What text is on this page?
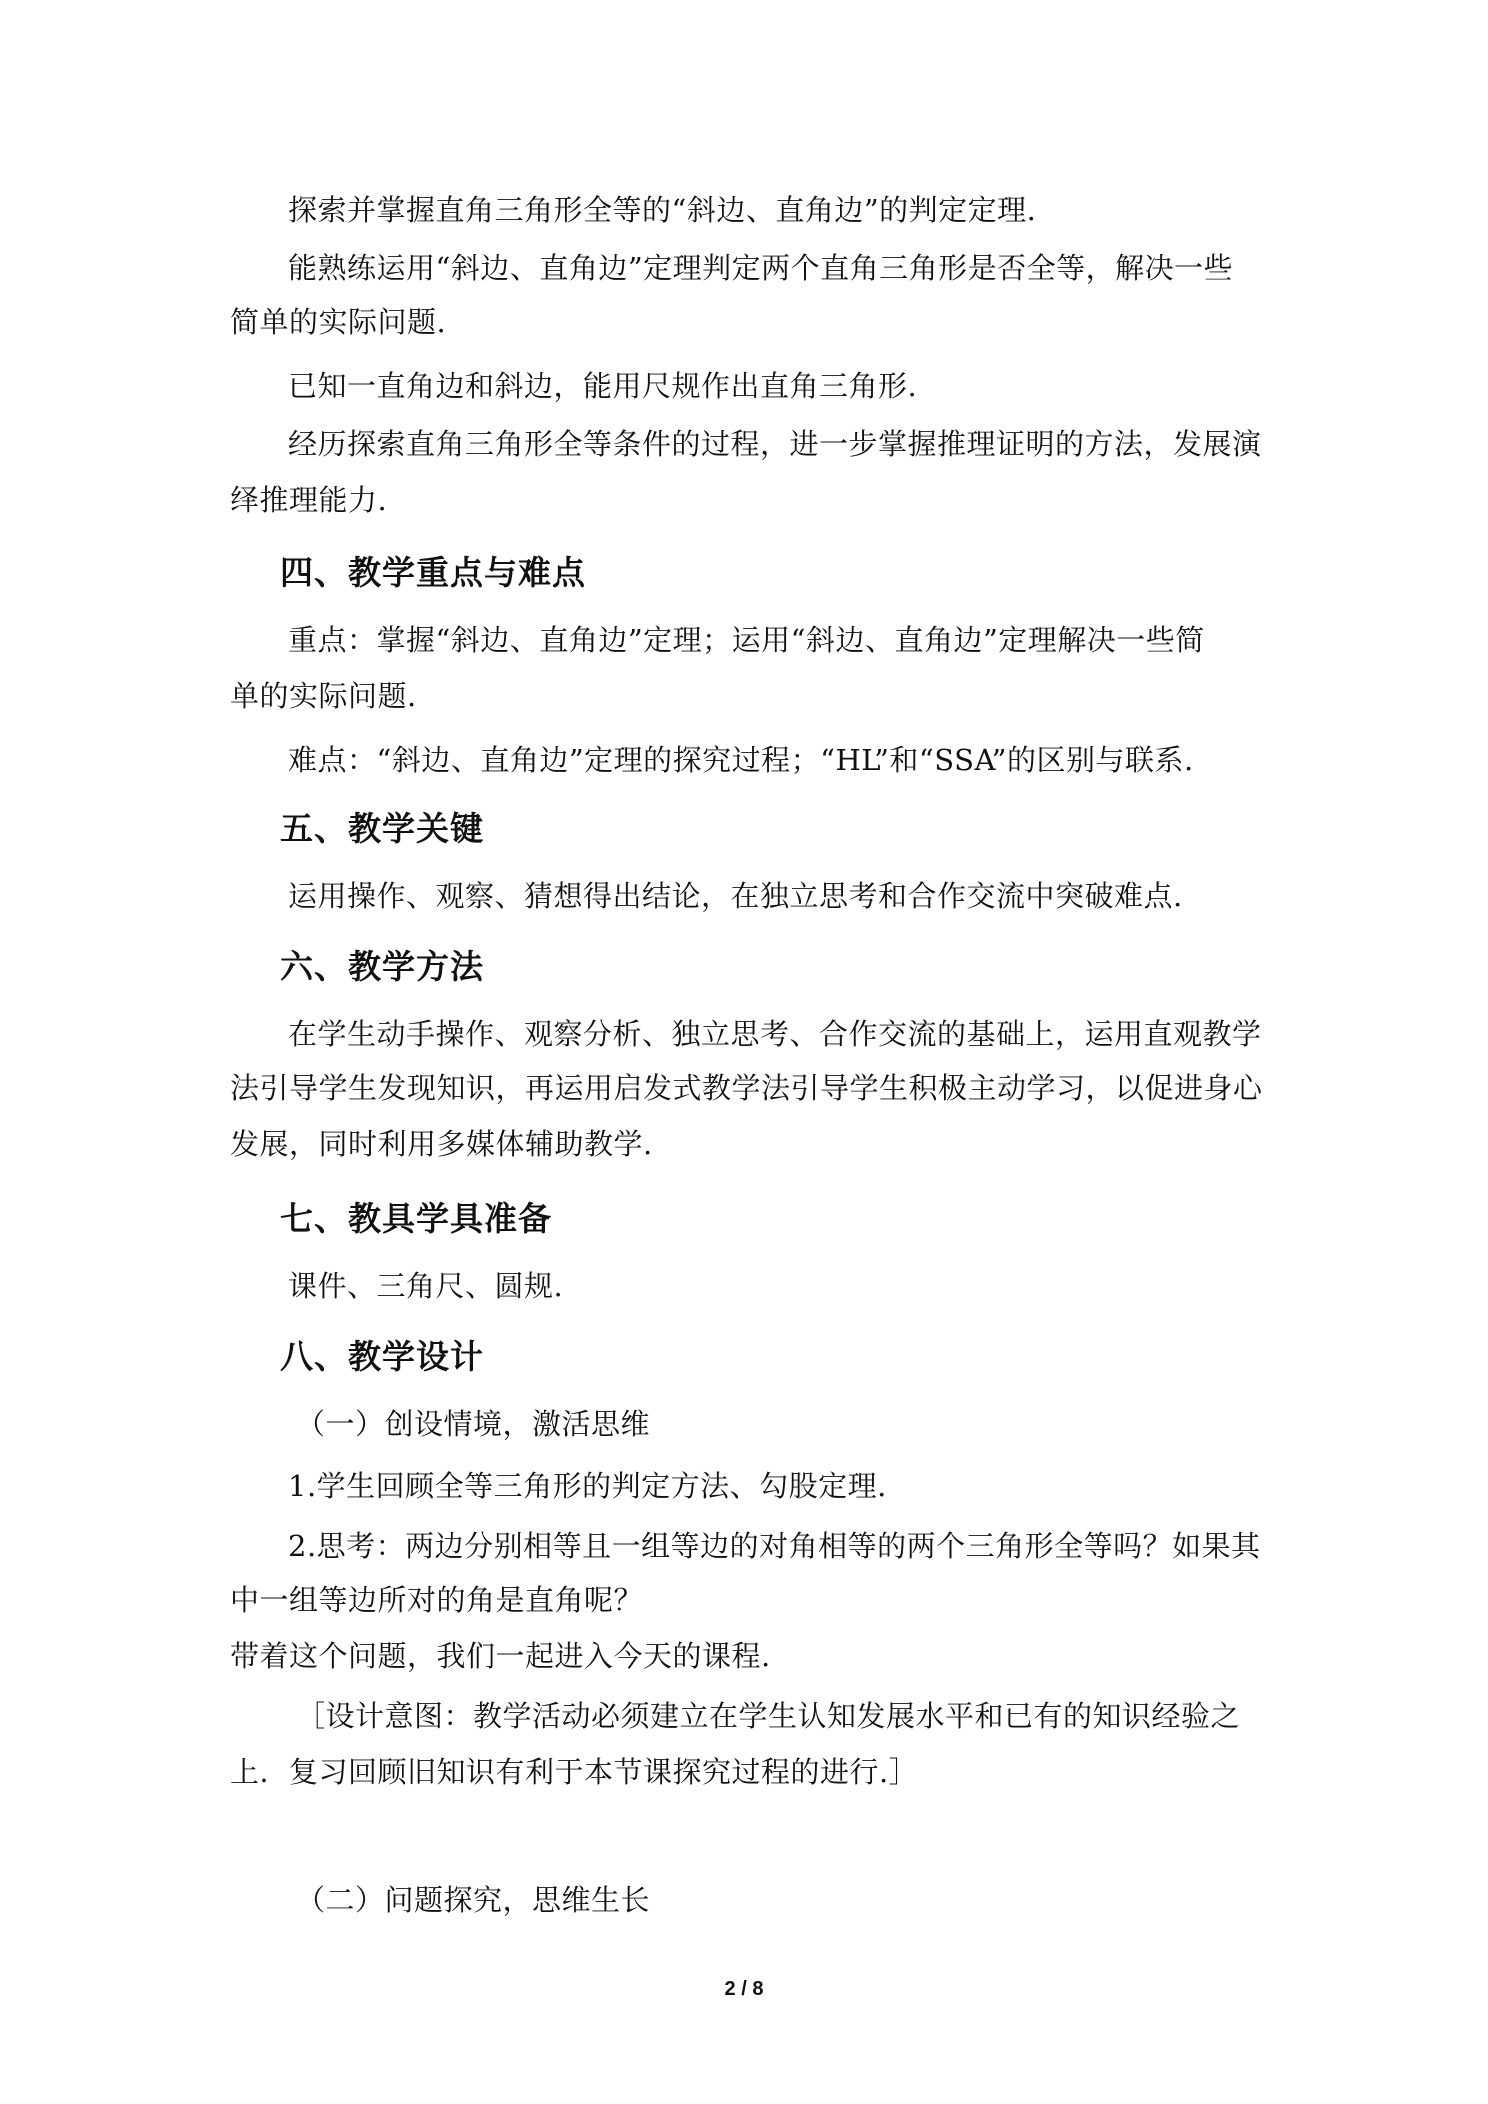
探索并掌握直角三角形全等的“斜边、直角边”的判定定理.
能熟练运用“斜边、直角边”定理判定两个直角三角形是否全等，解决一些
简单的实际问题.
已知一直角边和斜边，能用尺规作出直角三角形.
经历探索直角三角形全等条件的过程，进一步掌握推理证明的方法，发展演
绎推理能力.
四、教学重点与难点
重点：掌握“斜边、直角边”定理；运用“斜边、直角边”定理解决一些简
单的实际问题.
难点：“斜边、直角边”定理的探究过程；“HL”和“SSA”的区别与联系.
五、教学关键
运用操作、观察、猜想得出结论，在独立思考和合作交流中突破难点.
六、教学方法
在学生动手操作、观察分析、独立思考、合作交流的基础上，运用直观教学
法引导学生发现知识，再运用启发式教学法引导学生积极主动学习，以促进身心
发展，同时利用多媒体辅助教学.
七、教具学具准备
课件、三角尺、圆规.
八、教学设计
（一）创设情境，激活思维
1.学生回顾全等三角形的判定方法、勾股定理.
2.思考：两边分别相等且一组等边的对角相等的两个三角形全等吗？如果其
中一组等边所对的角是直角呢？
带着这个问题，我们一起进入今天的课程.
［设计意图：教学活动必须建立在学生认知发展水平和已有的知识经验之
上．复习回顾旧知识有利于本节课探究过程的进行.］
（二）问题探究，思维生长
2 / 8
